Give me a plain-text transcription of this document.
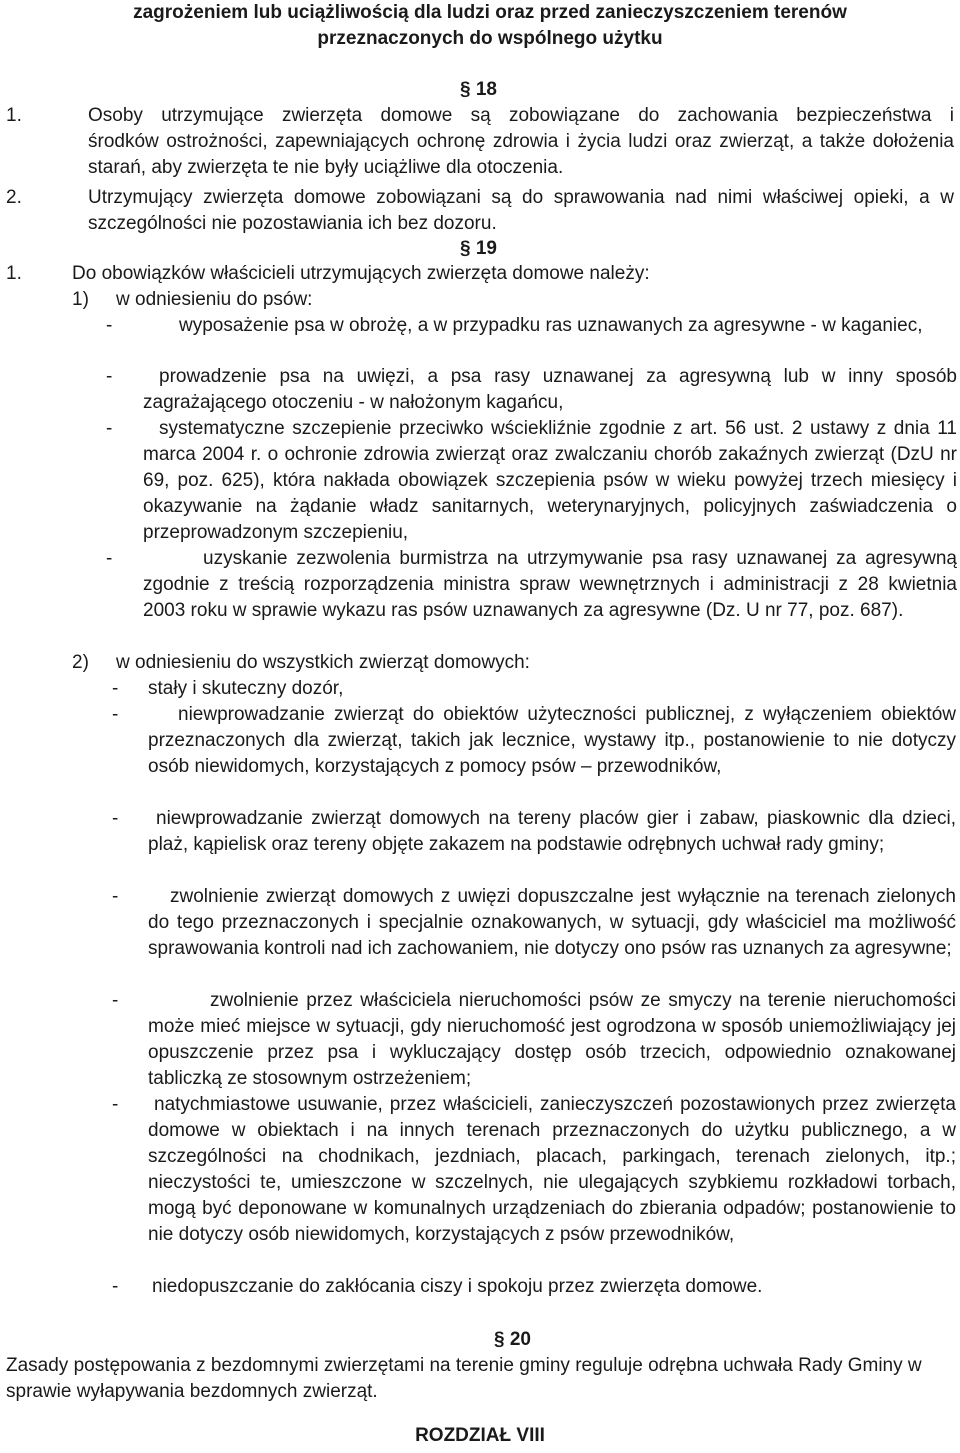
zagrożeniem lub uciążliwością dla ludzi oraz przed zanieczyszczeniem terenów
przeznaczonych do wspólnego użytku
§ 18
1.	Osoby utrzymujące zwierzęta domowe są zobowiązane do zachowania bezpieczeństwa i
środków ostrożności, zapewniających ochronę zdrowia i życia ludzi oraz zwierząt, a także dołożenia starań, aby zwierzęta te nie były uciążliwe dla otoczenia.
2.	Utrzymujący zwierzęta domowe zobowiązani są do sprawowania nad nimi właściwej opieki, a w szczególności nie pozostawiania ich bez dozoru.
§ 19
1.	Do obowiązków właścicieli utrzymujących zwierzęta domowe należy:
1) w odniesieniu do psów:
-	wyposażenie psa w obrożę, a w przypadku ras uznawanych za agresywne - w kaganiec,
-	prowadzenie psa na uwięzi, a psa rasy uznawanej za agresywną lub w inny sposób zagrażającego otoczeniu - w nałożonym kagańcu,
-	systematyczne szczepienie przeciwko wściekliźnie zgodnie z art. 56 ust. 2 ustawy z dnia 11 marca 2004 r. o ochronie zdrowia zwierząt oraz zwalczaniu chorób zakaźnych zwierząt (DzU nr 69, poz. 625), która nakłada obowiązek szczepienia psów w wieku powyżej trzech miesięcy i okazywanie na żądanie władz sanitarnych, weterynaryjnych, policyjnych zaświadczenia o przeprowadzonym szczepieniu,
-	uzyskanie zezwolenia burmistrza na utrzymywanie psa rasy uznawanej za agresywną zgodnie z treścią rozporządzenia ministra spraw wewnętrznych i administracji z 28 kwietnia 2003 roku w sprawie wykazu ras psów uznawanych za agresywne (Dz. U nr 77, poz. 687).
2) w odniesieniu do wszystkich zwierząt domowych:
- stały i skuteczny dozór,
-	niewprowadzanie zwierząt do obiektów użyteczności publicznej, z wyłączeniem obiektów przeznaczonych dla zwierząt, takich jak lecznice, wystawy itp., postanowienie to nie dotyczy osób niewidomych, korzystających z pomocy psów – przewodników,
-	niewprowadzanie zwierząt domowych na tereny placów gier i zabaw, piaskownic dla dzieci, plaż, kąpielisk oraz tereny objęte zakazem na podstawie odrębnych uchwał rady gminy;
-	zwolnienie zwierząt domowych z uwięzi dopuszczalne jest wyłącznie na terenach zielonych do tego przeznaczonych i specjalnie oznakowanych, w sytuacji, gdy właściciel ma możliwość sprawowania kontroli nad ich zachowaniem, nie dotyczy ono psów ras uznanych za agresywne;
-	zwolnienie przez właściciela nieruchomości psów ze smyczy na terenie nieruchomości może mieć miejsce w sytuacji, gdy nieruchomość jest ogrodzona w sposób uniemożliwiający jej opuszczenie przez psa i wykluczający dostęp osób trzecich, odpowiednio oznakowanej tabliczką ze stosownym ostrzeżeniem;
-	natychmiastowe usuwanie, przez właścicieli, zanieczyszczeń pozostawionych przez zwierzęta domowe w obiektach i na innych terenach przeznaczonych do użytku publicznego, a w szczególności na chodnikach, jezdniach, placach, parkingach, terenach zielonych, itp.; nieczystości te, umieszczone w szczelnych, nie ulegających szybkiemu rozkładowi torbach, mogą być deponowane w komunalnych urządzeniach do zbierania odpadów; postanowienie to nie dotyczy osób niewidomych, korzystających z psów przewodników,
- niedopuszczanie do zakłócania ciszy i spokoju przez zwierzęta domowe.
§ 20
Zasady postępowania z bezdomnymi zwierzętami na terenie gminy reguluje odrębna uchwała Rady Gminy w sprawie wyłapywania bezdomnych zwierząt.
ROZDZIAŁ VIII
